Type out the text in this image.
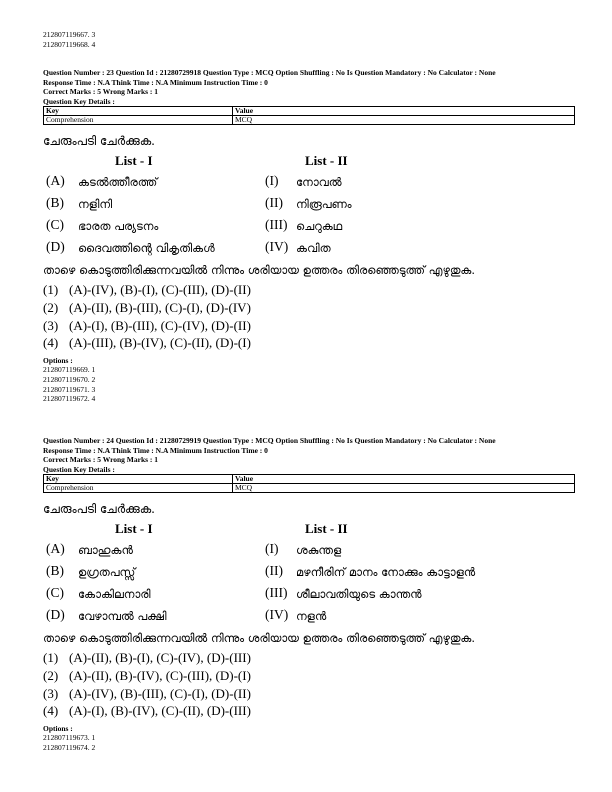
212807119667. 3
212807119668. 4
Question Number : 23 Question Id : 21280729918 Question Type : MCQ Option Shuffling : No Is Question Mandatory : No Calculator : None
Response Time : N.A Think Time : N.A Minimum Instruction Time : 0
Correct Marks : 5 Wrong Marks : 1
Question Key Details :
Key	Value
Comprehension	MCQ
ചേരുംപടി ചേർക്കുക.
List - I	List - II
(A) കടൽത്തീരത്ത്	(I) നോവൽ
(B) നളിനി	(II) നിരൂപണം
(C) ഭാരത പര്യടനം	(III) ചെറുകഥ
(D) ദൈവത്തിന്റെ വികൃതികൾ	(IV) കവിത
താഴെ കൊടുത്തിരിക്കുന്നവയിൽ നിന്നും ശരിയായ ഉത്തരം തിരഞ്ഞെടുത്ത് എഴുതുക.
(1) (A)-(IV), (B)-(I), (C)-(III), (D)-(II)
(2) (A)-(II), (B)-(III), (C)-(I), (D)-(IV)
(3) (A)-(I), (B)-(III), (C)-(IV), (D)-(II)
(4) (A)-(III), (B)-(IV), (C)-(II), (D)-(I)
Options :
212807119669. 1
212807119670. 2
212807119671. 3
212807119672. 4
Question Number : 24 Question Id : 21280729919 Question Type : MCQ Option Shuffling : No Is Question Mandatory : No Calculator : None
Response Time : N.A Think Time : N.A Minimum Instruction Time : 0
Correct Marks : 5 Wrong Marks : 1
Question Key Details :
Key	Value
Comprehension	MCQ
ചേരുംപടി ചേർക്കുക.
List - I	List - II
(A) ബാഹുകൻ	(I) ശകുന്തള
(B) ഉഗ്രതപസ്സ്	(II) മഴനീരിന് മാനം നോക്കും കാട്ടാളൻ
(C) കോകിലനാരി	(III) ശീലാവതിയുടെ കാന്തൻ
(D) വേഴാമ്പൽ പക്ഷി	(IV) നളൻ
താഴെ കൊടുത്തിരിക്കുന്നവയിൽ നിന്നും ശരിയായ ഉത്തരം തിരഞ്ഞെടുത്ത് എഴുതുക.
(1) (A)-(II), (B)-(I), (C)-(IV), (D)-(III)
(2) (A)-(II), (B)-(IV), (C)-(III), (D)-(I)
(3) (A)-(IV), (B)-(III), (C)-(I), (D)-(II)
(4) (A)-(I), (B)-(IV), (C)-(II), (D)-(III)
Options :
212807119673. 1
212807119674. 2
